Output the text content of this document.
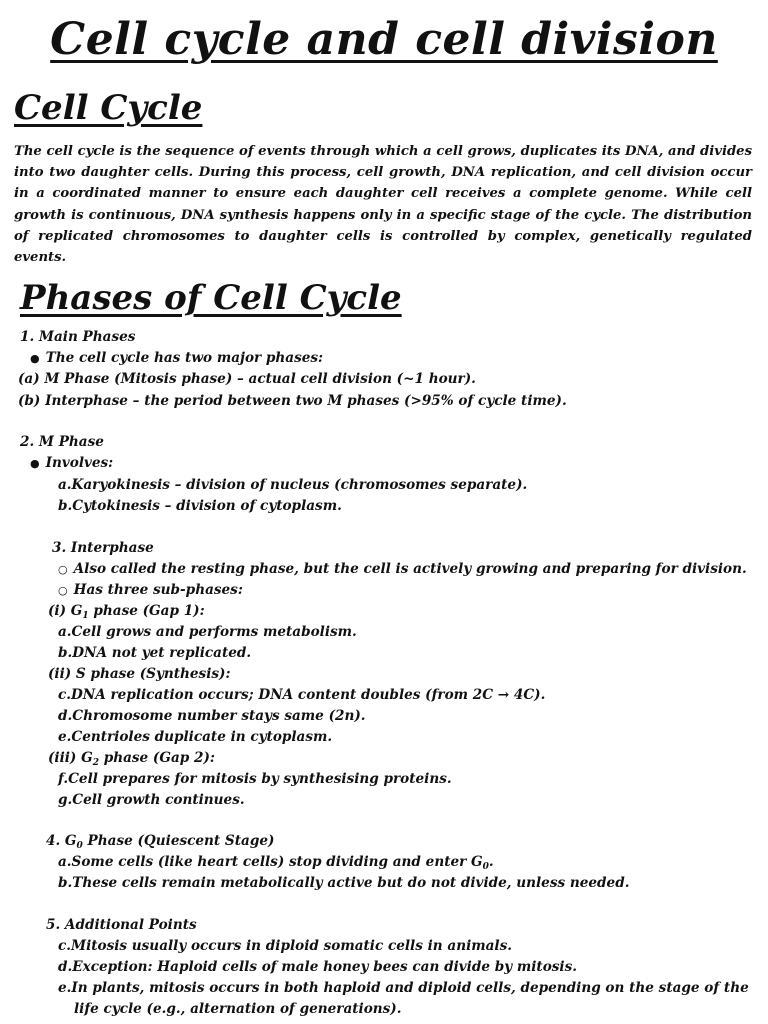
Cell cycle and cell division
Cell Cycle
The cell cycle is the sequence of events through which a cell grows, duplicates its DNA, and divides into two daughter cells. During this process, cell growth, DNA replication, and cell division occur in a coordinated manner to ensure each daughter cell receives a complete genome. While cell growth is continuous, DNA synthesis happens only in a specific stage of the cycle. The distribution of replicated chromosomes to daughter cells is controlled by complex, genetically regulated events.
Phases of Cell Cycle
1. Main Phases
● The cell cycle has two major phases:
(a) M Phase (Mitosis phase) – actual cell division (~1 hour).
(b) Interphase – the period between two M phases (>95% of cycle time).
2. M Phase
● Involves:
a.Karyokinesis – division of nucleus (chromosomes separate).
b.Cytokinesis – division of cytoplasm.
3. Interphase
○ Also called the resting phase, but the cell is actively growing and preparing for division.
○ Has three sub-phases:
(i) $G_1$ phase (Gap 1):
a.Cell grows and performs metabolism.
b.DNA not yet replicated.
(ii) S phase (Synthesis):
c.DNA replication occurs; DNA content doubles (from 2C → 4C).
d.Chromosome number stays same (2n).
e.Centrioles duplicate in cytoplasm.
(iii) $G_2$ phase (Gap 2):
f.Cell prepares for mitosis by synthesising proteins.
g.Cell growth continues.
4. $G_0$ Phase (Quiescent Stage)
a.Some cells (like heart cells) stop dividing and enter $G_0$.
b.These cells remain metabolically active but do not divide, unless needed.
5. Additional Points
c.Mitosis usually occurs in diploid somatic cells in animals.
d.Exception: Haploid cells of male honey bees can divide by mitosis.
e.In plants, mitosis occurs in both haploid and diploid cells, depending on the stage of the
life cycle (e.g., alternation of generations).
